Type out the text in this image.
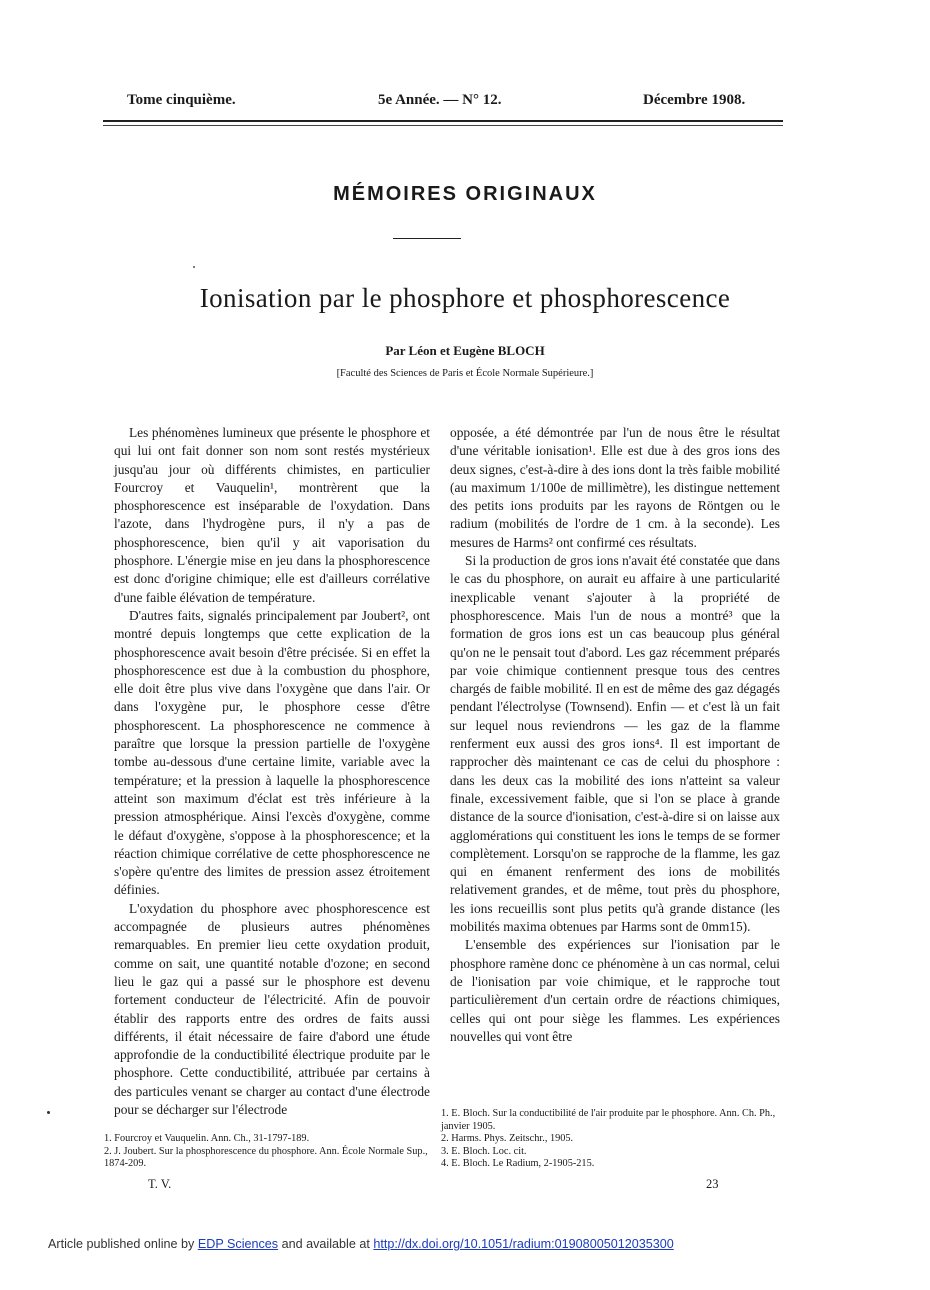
Tome cinquième.	5e Année. — N° 12.	Décembre 1908.
MÉMOIRES ORIGINAUX
Ionisation par le phosphore et phosphorescence
Par Léon et Eugène BLOCH
[Faculté des Sciences de Paris et École Normale Supérieure.]

Les phénomènes lumineux que présente le phosphore et qui lui ont fait donner son nom sont restés mystérieux jusqu'au jour où différents chimistes, en particulier Fourcroy et Vauquelin¹, montrèrent que la phosphorescence est inséparable de l'oxydation. Dans l'azote, dans l'hydrogène purs, il n'y a pas de phosphorescence, bien qu'il y ait vaporisation du phosphore. L'énergie mise en jeu dans la phosphorescence est donc d'origine chimique; elle est d'ailleurs corrélative d'une faible élévation de température.

D'autres faits, signalés principalement par Joubert², ont montré depuis longtemps que cette explication de la phosphorescence avait besoin d'être précisée. Si en effet la phosphorescence est due à la combustion du phosphore, elle doit être plus vive dans l'oxygène que dans l'air. Or dans l'oxygène pur, le phosphore cesse d'être phosphorescent. La phosphorescence ne commence à paraître que lorsque la pression partielle de l'oxygène tombe au-dessous d'une certaine limite, variable avec la température; et la pression à laquelle la phosphorescence atteint son maximum d'éclat est très inférieure à la pression atmosphérique. Ainsi l'excès d'oxygène, comme le défaut d'oxygène, s'oppose à la phosphorescence; et la réaction chimique corrélative de cette phosphorescence ne s'opère qu'entre des limites de pression assez étroitement définies.

L'oxydation du phosphore avec phosphorescence est accompagnée de plusieurs autres phénomènes remarquables. En premier lieu cette oxydation produit, comme on sait, une quantité notable d'ozone; en second lieu le gaz qui a passé sur le phosphore est devenu fortement conducteur de l'électricité. Afin de pouvoir établir des rapports entre des ordres de faits aussi différents, il était nécessaire de faire d'abord une étude approfondie de la conductibilité électrique produite par le phosphore. Cette conductibilité, attribuée par certains à des particules venant se charger au contact d'une électrode pour se décharger sur l'électrode

opposée, a été démontrée par l'un de nous être le résultat d'une véritable ionisation¹. Elle est due à des gros ions des deux signes, c'est-à-dire à des ions dont la très faible mobilité (au maximum 1/100e de millimètre), les distingue nettement des petits ions produits par les rayons de Röntgen ou le radium (mobilités de l'ordre de 1 cm. à la seconde). Les mesures de Harms² ont confirmé ces résultats.

Si la production de gros ions n'avait été constatée que dans le cas du phosphore, on aurait eu affaire à une particularité inexplicable venant s'ajouter à la propriété de phosphorescence. Mais l'un de nous a montré³ que la formation de gros ions est un cas beaucoup plus général qu'on ne le pensait tout d'abord. Les gaz récemment préparés par voie chimique contiennent presque tous des centres chargés de faible mobilité. Il en est de même des gaz dégagés pendant l'électrolyse (Townsend). Enfin — et c'est là un fait sur lequel nous reviendrons — les gaz de la flamme renferment eux aussi des gros ions⁴. Il est important de rapprocher dès maintenant ce cas de celui du phosphore : dans les deux cas la mobilité des ions n'atteint sa valeur finale, excessivement faible, que si l'on se place à grande distance de la source d'ionisation, c'est-à-dire si on laisse aux agglomérations qui constituent les ions le temps de se former complètement. Lorsqu'on se rapproche de la flamme, les gaz qui en émanent renferment des ions de mobilités relativement grandes, et de même, tout près du phosphore, les ions recueillis sont plus petits qu'à grande distance (les mobilités maxima obtenues par Harms sont de 0mm15).

L'ensemble des expériences sur l'ionisation par le phosphore ramène donc ce phénomène à un cas normal, celui de l'ionisation par voie chimique, et le rapproche tout particulièrement d'un certain ordre de réactions chimiques, celles qui ont pour siège les flammes. Les expériences nouvelles qui vont être

1. Fourcroy et Vauquelin. Ann. Ch., 31-1797-189.

2. J. Joubert. Sur la phosphorescence du phosphore. Ann. École Normale Sup., 1874-209.

1. E. Bloch. Sur la conductibilité de l'air produite par le phosphore. Ann. Ch. Ph., janvier 1905.

2. Harms. Phys. Zeitschr., 1905.

3. E. Bloch. Loc. cit.

4. E. Bloch. Le Radium, 2-1905-215.

T. V.	23
Article published online by EDP Sciences and available at http://dx.doi.org/10.1051/radium:01908005012035300
